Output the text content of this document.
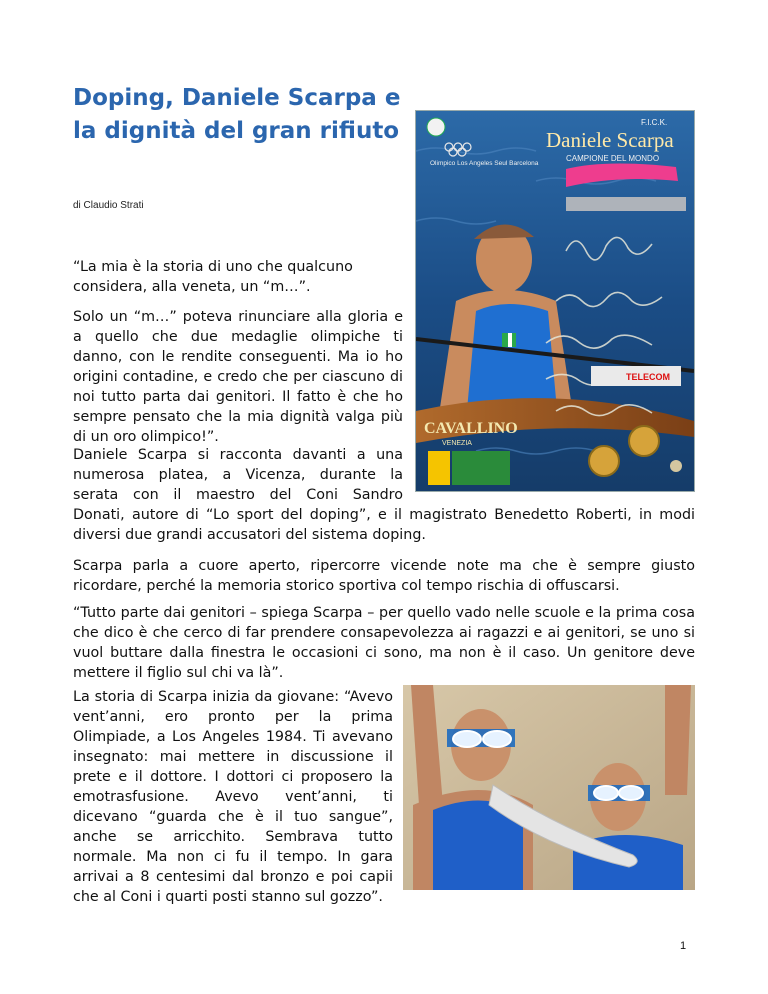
Doping, Daniele Scarpa e la dignità del gran rifiuto

di Claudio Strati

“La mia è la storia di uno che qualcuno considera, alla veneta, un “m…”.

Solo un “m…” poteva rinunciare alla gloria e a quello che due medaglie olimpiche ti danno, con le rendite conseguenti. Ma io ho origini contadine, e credo che per ciascuno di noi tutto parta dai genitori. Il fatto è che ho sempre pensato che la mia dignità valga più di un oro olimpico!”.

Daniele Scarpa si racconta davanti a una numerosa platea, a Vicenza, durante la serata con il maestro del Coni Sandro

Donati, autore di “Lo sport del doping”, e il magistrato Benedetto Roberti, in modi diversi due grandi accusatori del sistema doping.

Scarpa parla a cuore aperto, ripercorre vicende note ma che è sempre giusto ricordare, perché la memoria storico sportiva col tempo rischia di offuscarsi.

“Tutto parte dai genitori – spiega Scarpa – per quello vado nelle scuole e la prima cosa che dico è che cerco di far prendere consapevolezza ai ragazzi e ai genitori, se uno si vuol buttare dalla finestra le occasioni ci sono, ma non è il caso. Un genitore deve mettere il figlio sul chi va là”.

La storia di Scarpa inizia da giovane: “Avevo vent’anni, ero pronto per la prima Olimpiade, a Los Angeles 1984. Ti avevano insegnato: mai mettere in discussione il prete e il dottore. I dottori ci proposero la emotrasfusione. Avevo vent’anni, ti dicevano “guarda che è il tuo sangue”, anche se arricchito. Sembrava tutto normale. Ma non ci fu il tempo. In gara arrivai a 8 centesimi dal bronzo e poi capii che al Coni i quarti posti stanno sul gozzo”.

Olimpico Los Angeles Seul Barcelona
F.I.C.K.
Daniele Scarpa
CAMPIONE DEL MONDO
TELECOM
CAVALLINO
VENEZIA

1
